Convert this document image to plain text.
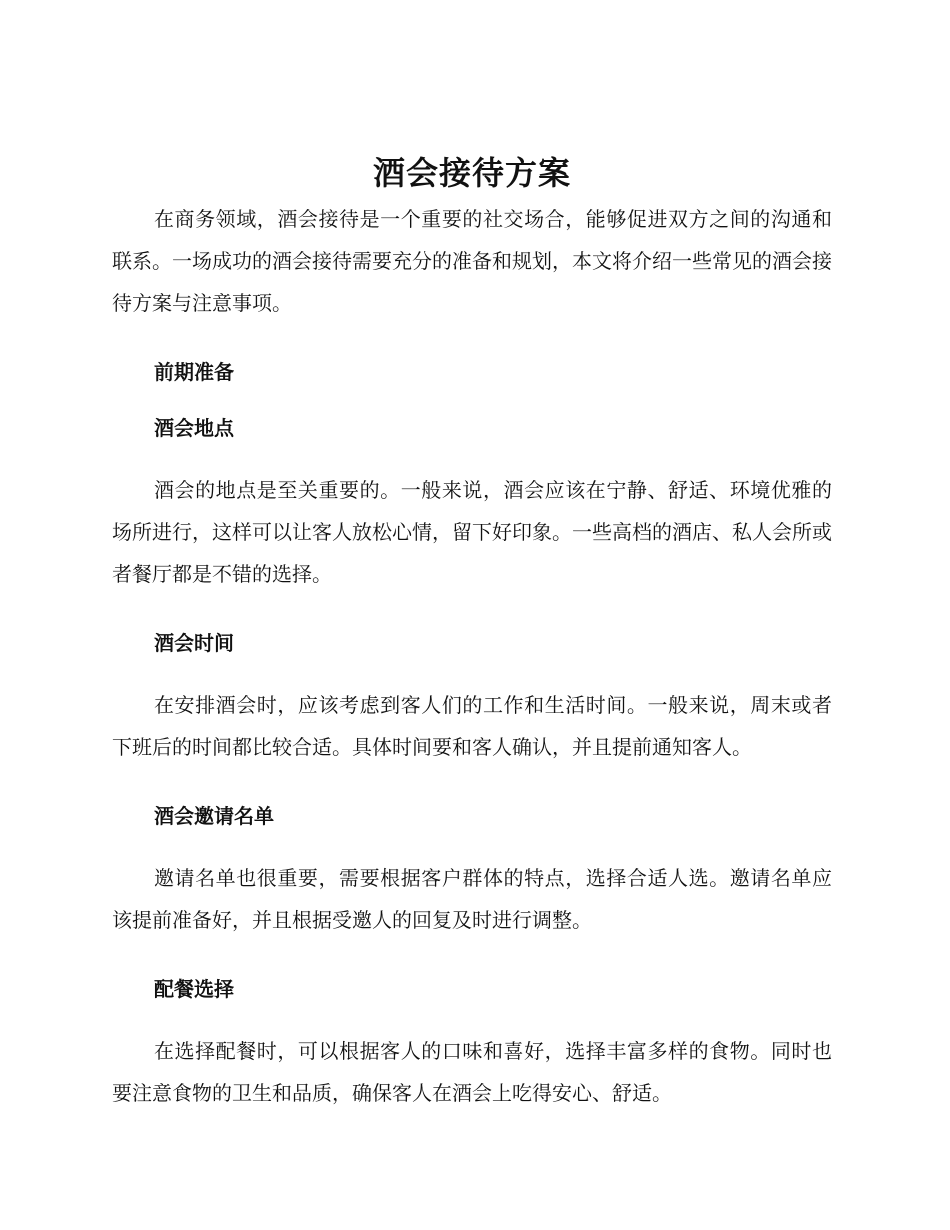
酒会接待方案

在商务领域，酒会接待是一个重要的社交场合，能够促进双方之间的沟通和联系。一场成功的酒会接待需要充分的准备和规划，本文将介绍一些常见的酒会接待方案与注意事项。

前期准备
酒会地点

酒会的地点是至关重要的。一般来说，酒会应该在宁静、舒适、环境优雅的场所进行，这样可以让客人放松心情，留下好印象。一些高档的酒店、私人会所或者餐厅都是不错的选择。

酒会时间

在安排酒会时，应该考虑到客人们的工作和生活时间。一般来说，周末或者下班后的时间都比较合适。具体时间要和客人确认，并且提前通知客人。

酒会邀请名单

邀请名单也很重要，需要根据客户群体的特点，选择合适人选。邀请名单应该提前准备好，并且根据受邀人的回复及时进行调整。

配餐选择

在选择配餐时，可以根据客人的口味和喜好，选择丰富多样的食物。同时也要注意食物的卫生和品质，确保客人在酒会上吃得安心、舒适。
